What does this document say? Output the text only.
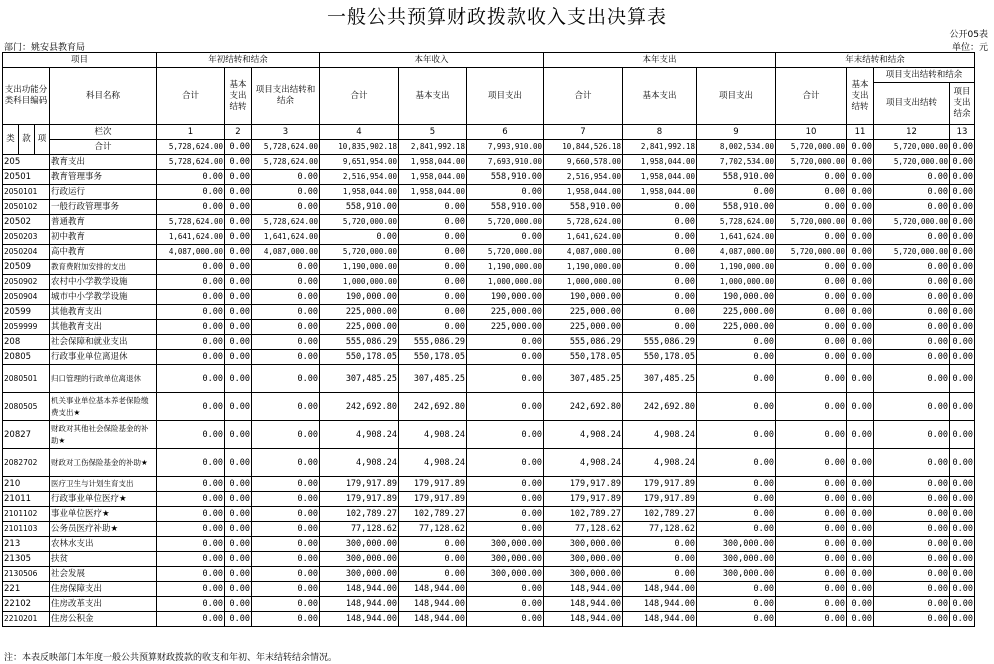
一般公共预算财政拨款收入支出决算表
公开05表
部门：姚安县教育局	单位：元
项目				年初结转和结余			本年收入			本年支出			年末结转和结余			
支出功能分类科目编码			科目名称	合计	基本支出结转	项目支出结转和结余	合计	基本支出	项目支出	合计	基本支出	项目支出	合计	基本支出结转	项目支出结转和结余	
															项目支出结转	项目支出结余
类	款	项	栏次	1	2	3	4	5	6	7	8	9	10	11	12	13
			合计	5,728,624.00	0.00	5,728,624.00	10,835,902.18	2,841,992.18	7,993,910.00	10,844,526.18	2,841,992.18	8,002,534.00	5,720,000.00	0.00	5,720,000.00	0.00
205			教育支出	5,728,624.00	0.00	5,728,624.00	9,651,954.00	1,958,044.00	7,693,910.00	9,660,578.00	1,958,044.00	7,702,534.00	5,720,000.00	0.00	5,720,000.00	0.00
20501			教育管理事务	0.00	0.00	0.00	2,516,954.00	1,958,044.00	558,910.00	2,516,954.00	1,958,044.00	558,910.00	0.00	0.00	0.00	0.00
2050101			行政运行	0.00	0.00	0.00	1,958,044.00	1,958,044.00	0.00	1,958,044.00	1,958,044.00	0.00	0.00	0.00	0.00	0.00
2050102			一般行政管理事务	0.00	0.00	0.00	558,910.00	0.00	558,910.00	558,910.00	0.00	558,910.00	0.00	0.00	0.00	0.00
20502			普通教育	5,728,624.00	0.00	5,728,624.00	5,720,000.00	0.00	5,720,000.00	5,728,624.00	0.00	5,728,624.00	5,720,000.00	0.00	5,720,000.00	0.00
2050203			初中教育	1,641,624.00	0.00	1,641,624.00	0.00	0.00	0.00	1,641,624.00	0.00	1,641,624.00	0.00	0.00	0.00	0.00
2050204			高中教育	4,087,000.00	0.00	4,087,000.00	5,720,000.00	0.00	5,720,000.00	4,087,000.00	0.00	4,087,000.00	5,720,000.00	0.00	5,720,000.00	0.00
20509			教育费附加安排的支出	0.00	0.00	0.00	1,190,000.00	0.00	1,190,000.00	1,190,000.00	0.00	1,190,000.00	0.00	0.00	0.00	0.00
2050902			农村中小学教学设施	0.00	0.00	0.00	1,000,000.00	0.00	1,000,000.00	1,000,000.00	0.00	1,000,000.00	0.00	0.00	0.00	0.00
2050904			城市中小学教学设施	0.00	0.00	0.00	190,000.00	0.00	190,000.00	190,000.00	0.00	190,000.00	0.00	0.00	0.00	0.00
20599			其他教育支出	0.00	0.00	0.00	225,000.00	0.00	225,000.00	225,000.00	0.00	225,000.00	0.00	0.00	0.00	0.00
2059999			其他教育支出	0.00	0.00	0.00	225,000.00	0.00	225,000.00	225,000.00	0.00	225,000.00	0.00	0.00	0.00	0.00
208			社会保障和就业支出	0.00	0.00	0.00	555,086.29	555,086.29	0.00	555,086.29	555,086.29	0.00	0.00	0.00	0.00	0.00
20805			行政事业单位离退休	0.00	0.00	0.00	550,178.05	550,178.05	0.00	550,178.05	550,178.05	0.00	0.00	0.00	0.00	0.00
2080501			归口管理的行政单位离退休	0.00	0.00	0.00	307,485.25	307,485.25	0.00	307,485.25	307,485.25	0.00	0.00	0.00	0.00	0.00
2080505			机关事业单位基本养老保险缴费支出★	0.00	0.00	0.00	242,692.80	242,692.80	0.00	242,692.80	242,692.80	0.00	0.00	0.00	0.00	0.00
20827			财政对其他社会保险基金的补助★	0.00	0.00	0.00	4,908.24	4,908.24	0.00	4,908.24	4,908.24	0.00	0.00	0.00	0.00	0.00
2082702			财政对工伤保险基金的补助★	0.00	0.00	0.00	4,908.24	4,908.24	0.00	4,908.24	4,908.24	0.00	0.00	0.00	0.00	0.00
210			医疗卫生与计划生育支出	0.00	0.00	0.00	179,917.89	179,917.89	0.00	179,917.89	179,917.89	0.00	0.00	0.00	0.00	0.00
21011			行政事业单位医疗★	0.00	0.00	0.00	179,917.89	179,917.89	0.00	179,917.89	179,917.89	0.00	0.00	0.00	0.00	0.00
2101102			事业单位医疗★	0.00	0.00	0.00	102,789.27	102,789.27	0.00	102,789.27	102,789.27	0.00	0.00	0.00	0.00	0.00
2101103			公务员医疗补助★	0.00	0.00	0.00	77,128.62	77,128.62	0.00	77,128.62	77,128.62	0.00	0.00	0.00	0.00	0.00
213			农林水支出	0.00	0.00	0.00	300,000.00	0.00	300,000.00	300,000.00	0.00	300,000.00	0.00	0.00	0.00	0.00
21305			扶贫	0.00	0.00	0.00	300,000.00	0.00	300,000.00	300,000.00	0.00	300,000.00	0.00	0.00	0.00	0.00
2130506			社会发展	0.00	0.00	0.00	300,000.00	0.00	300,000.00	300,000.00	0.00	300,000.00	0.00	0.00	0.00	0.00
221			住房保障支出	0.00	0.00	0.00	148,944.00	148,944.00	0.00	148,944.00	148,944.00	0.00	0.00	0.00	0.00	0.00
22102			住房改革支出	0.00	0.00	0.00	148,944.00	148,944.00	0.00	148,944.00	148,944.00	0.00	0.00	0.00	0.00	0.00
2210201			住房公积金	0.00	0.00	0.00	148,944.00	148,944.00	0.00	148,944.00	148,944.00	0.00	0.00	0.00	0.00	0.00
注：本表反映部门本年度一般公共预算财政拨款的收支和年初、年末结转结余情况。
